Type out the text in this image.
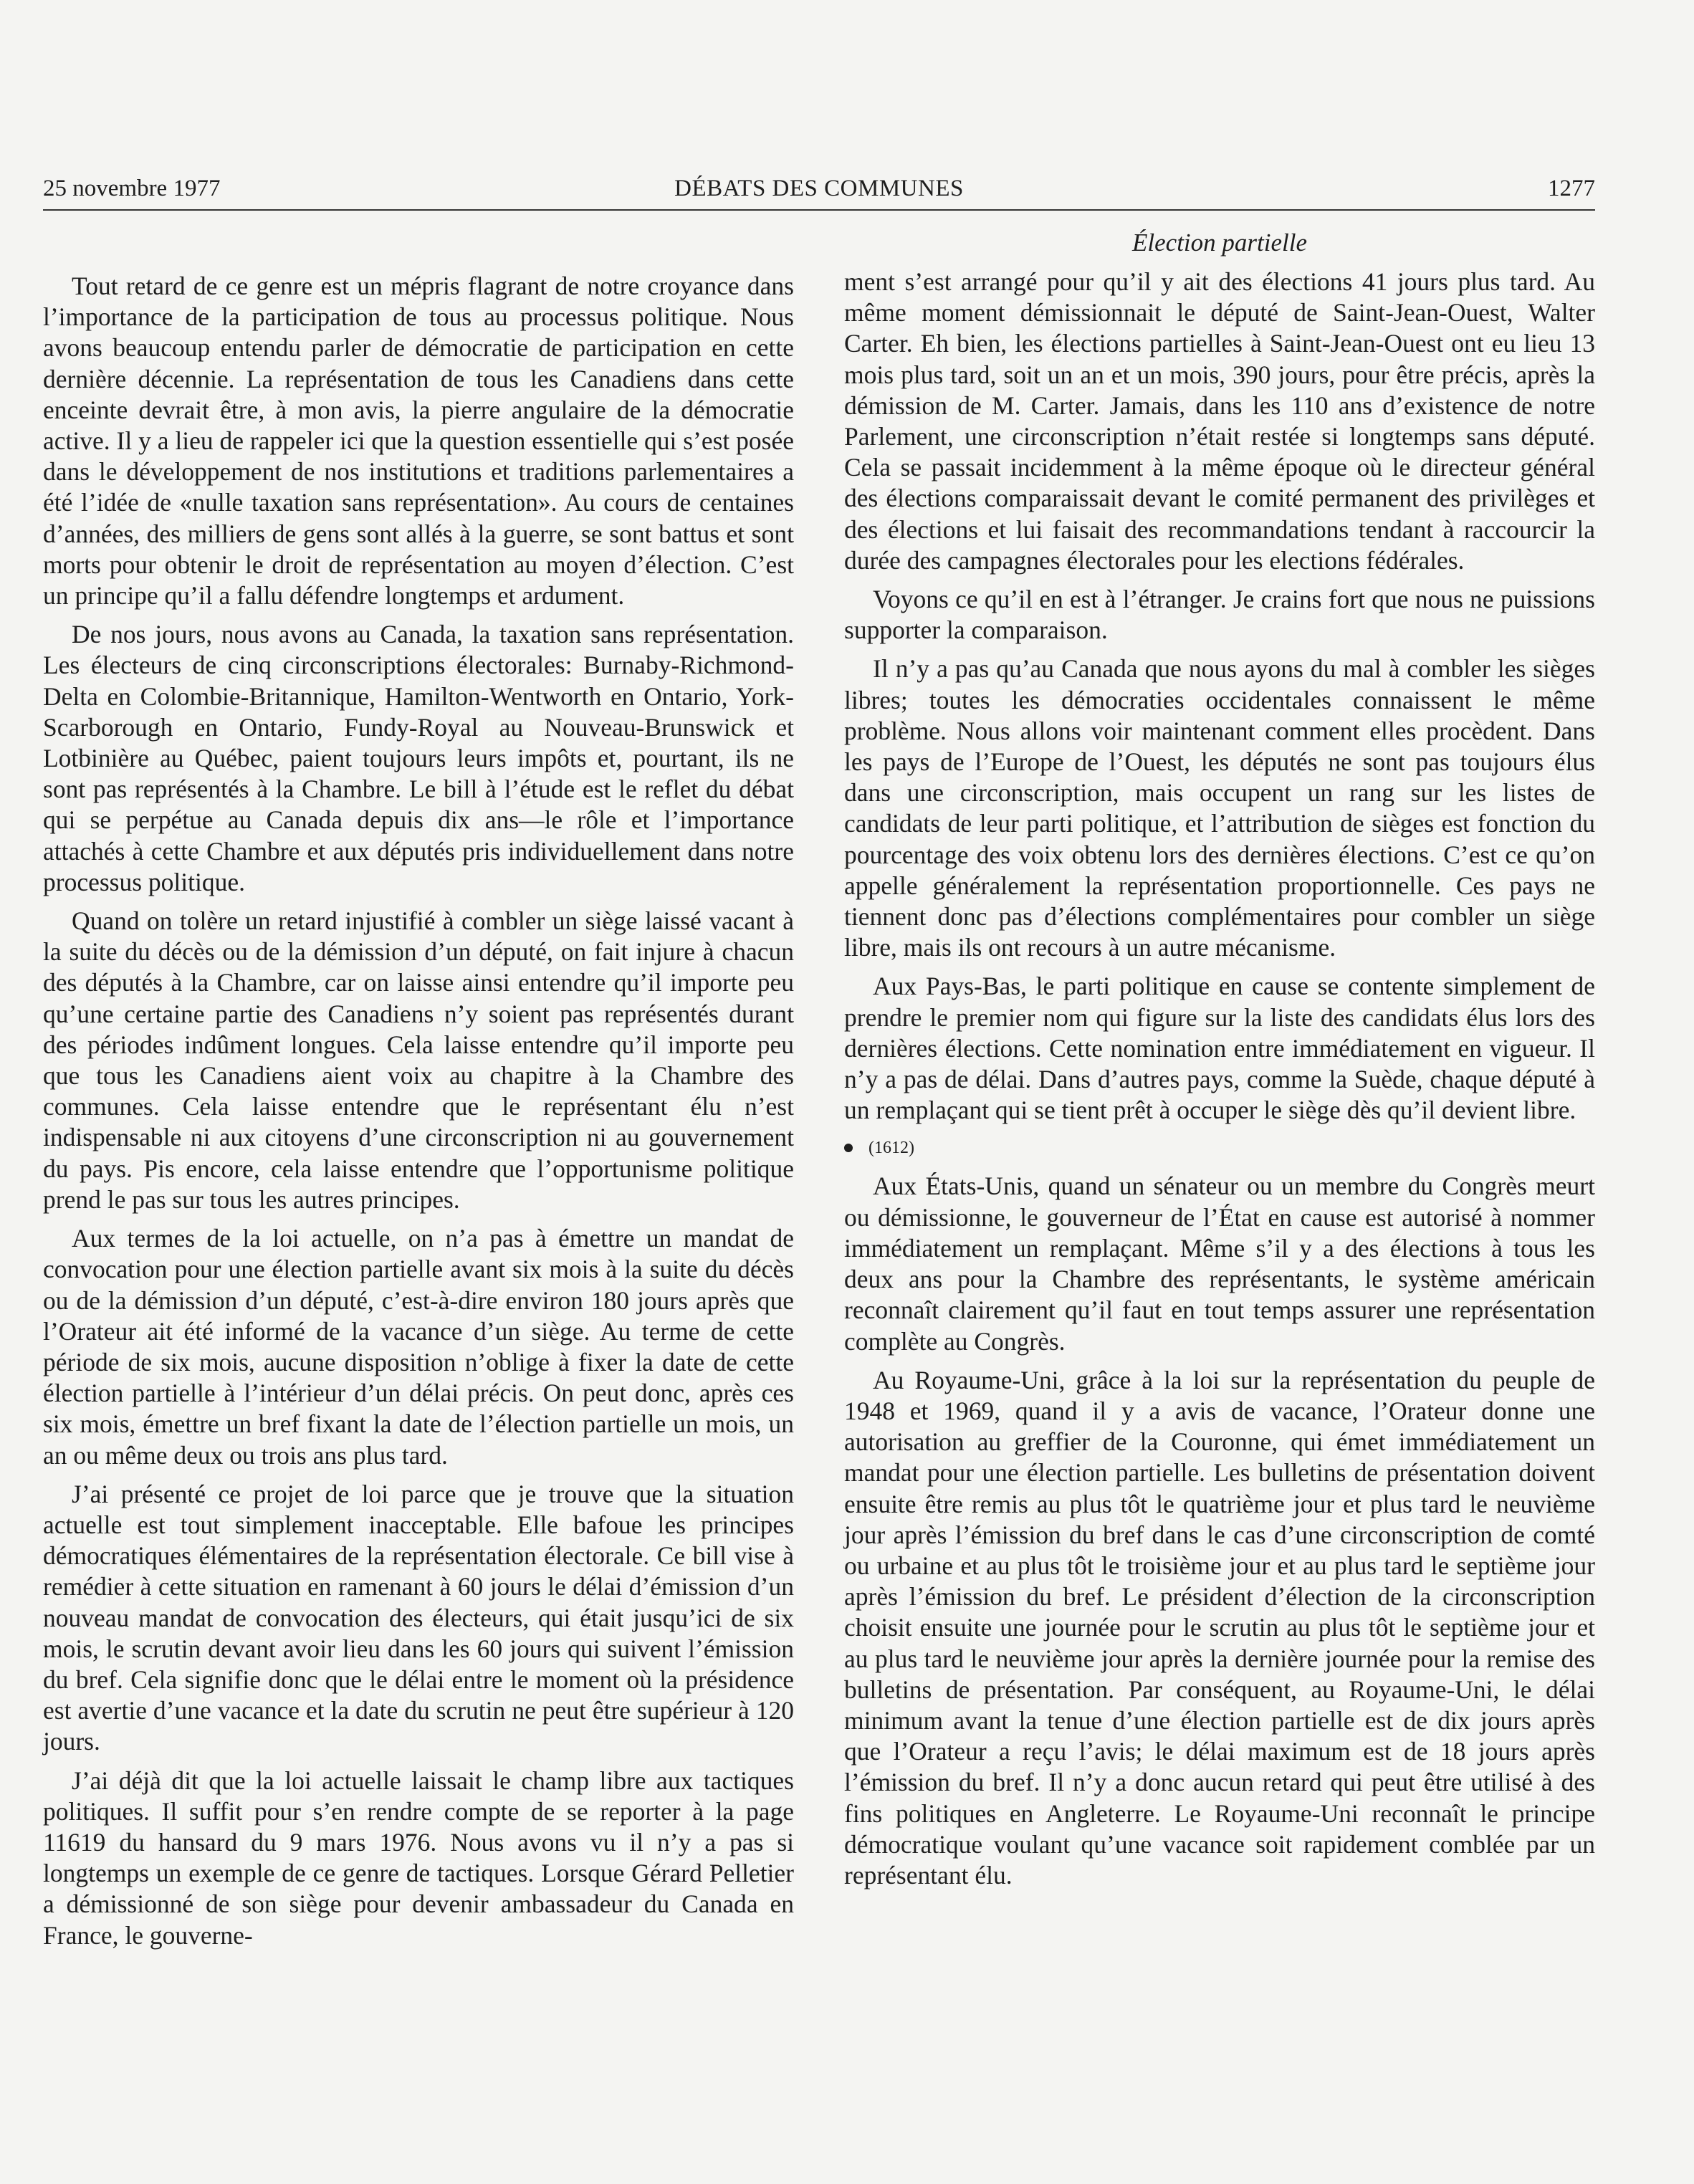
25 novembre 1977	DÉBATS DES COMMUNES	1277
Élection partielle

Tout retard de ce genre est un mépris flagrant de notre croyance dans l’importance de la participation de tous au processus politique. Nous avons beaucoup entendu parler de démocratie de participation en cette dernière décennie. La représentation de tous les Canadiens dans cette enceinte devrait être, à mon avis, la pierre angulaire de la démocratie active. Il y a lieu de rappeler ici que la question essentielle qui s’est posée dans le développement de nos institutions et traditions parlementaires a été l’idée de «nulle taxation sans représentation». Au cours de centaines d’années, des milliers de gens sont allés à la guerre, se sont battus et sont morts pour obtenir le droit de représentation au moyen d’élection. C’est un principe qu’il a fallu défendre longtemps et ardument.

De nos jours, nous avons au Canada, la taxation sans représentation. Les électeurs de cinq circonscriptions électorales: Burnaby-Richmond-Delta en Colombie-Britannique, Hamilton-Wentworth en Ontario, York-Scarborough en Ontario, Fundy-Royal au Nouveau-Brunswick et Lotbinière au Québec, paient toujours leurs impôts et, pourtant, ils ne sont pas représentés à la Chambre. Le bill à l’étude est le reflet du débat qui se perpétue au Canada depuis dix ans—le rôle et l’importance attachés à cette Chambre et aux députés pris individuellement dans notre processus politique.

Quand on tolère un retard injustifié à combler un siège laissé vacant à la suite du décès ou de la démission d’un député, on fait injure à chacun des députés à la Chambre, car on laisse ainsi entendre qu’il importe peu qu’une certaine partie des Canadiens n’y soient pas représentés durant des périodes indûment longues. Cela laisse entendre qu’il importe peu que tous les Canadiens aient voix au chapitre à la Chambre des communes. Cela laisse entendre que le représentant élu n’est indispensable ni aux citoyens d’une circonscription ni au gouvernement du pays. Pis encore, cela laisse entendre que l’opportunisme politique prend le pas sur tous les autres principes.

Aux termes de la loi actuelle, on n’a pas à émettre un mandat de convocation pour une élection partielle avant six mois à la suite du décès ou de la démission d’un député, c’est-à-dire environ 180 jours après que l’Orateur ait été informé de la vacance d’un siège. Au terme de cette période de six mois, aucune disposition n’oblige à fixer la date de cette élection partielle à l’intérieur d’un délai précis. On peut donc, après ces six mois, émettre un bref fixant la date de l’élection partielle un mois, un an ou même deux ou trois ans plus tard.

J’ai présenté ce projet de loi parce que je trouve que la situation actuelle est tout simplement inacceptable. Elle bafoue les principes démocratiques élémentaires de la représentation électorale. Ce bill vise à remédier à cette situation en ramenant à 60 jours le délai d’émission d’un nouveau mandat de convocation des électeurs, qui était jusqu’ici de six mois, le scrutin devant avoir lieu dans les 60 jours qui suivent l’émission du bref. Cela signifie donc que le délai entre le moment où la présidence est avertie d’une vacance et la date du scrutin ne peut être supérieur à 120 jours.

J’ai déjà dit que la loi actuelle laissait le champ libre aux tactiques politiques. Il suffit pour s’en rendre compte de se reporter à la page 11619 du hansard du 9 mars 1976. Nous avons vu il n’y a pas si longtemps un exemple de ce genre de tactiques. Lorsque Gérard Pelletier a démissionné de son siège pour devenir ambassadeur du Canada en France, le gouverne-

ment s’est arrangé pour qu’il y ait des élections 41 jours plus tard. Au même moment démissionnait le député de Saint-Jean-Ouest, Walter Carter. Eh bien, les élections partielles à Saint-Jean-Ouest ont eu lieu 13 mois plus tard, soit un an et un mois, 390 jours, pour être précis, après la démission de M. Carter. Jamais, dans les 110 ans d’existence de notre Parlement, une circonscription n’était restée si longtemps sans député. Cela se passait incidemment à la même époque où le directeur général des élections comparaissait devant le comité permanent des privilèges et des élections et lui faisait des recommandations tendant à raccourcir la durée des campagnes électorales pour les elections fédérales.

Voyons ce qu’il en est à l’étranger. Je crains fort que nous ne puissions supporter la comparaison.

Il n’y a pas qu’au Canada que nous ayons du mal à combler les sièges libres; toutes les démocraties occidentales connaissent le même problème. Nous allons voir maintenant comment elles procèdent. Dans les pays de l’Europe de l’Ouest, les députés ne sont pas toujours élus dans une circonscription, mais occupent un rang sur les listes de candidats de leur parti politique, et l’attribution de sièges est fonction du pourcentage des voix obtenu lors des dernières élections. C’est ce qu’on appelle généralement la représentation proportionnelle. Ces pays ne tiennent donc pas d’élections complémentaires pour combler un siège libre, mais ils ont recours à un autre mécanisme.

Aux Pays-Bas, le parti politique en cause se contente simplement de prendre le premier nom qui figure sur la liste des candidats élus lors des dernières élections. Cette nomination entre immédiatement en vigueur. Il n’y a pas de délai. Dans d’autres pays, comme la Suède, chaque député à un remplaçant qui se tient prêt à occuper le siège dès qu’il devient libre.

(1612)

Aux États-Unis, quand un sénateur ou un membre du Congrès meurt ou démissionne, le gouverneur de l’État en cause est autorisé à nommer immédiatement un remplaçant. Même s’il y a des élections à tous les deux ans pour la Chambre des représentants, le système américain reconnaît clairement qu’il faut en tout temps assurer une représentation complète au Congrès.

Au Royaume-Uni, grâce à la loi sur la représentation du peuple de 1948 et 1969, quand il y a avis de vacance, l’Orateur donne une autorisation au greffier de la Couronne, qui émet immédiatement un mandat pour une élection partielle. Les bulletins de présentation doivent ensuite être remis au plus tôt le quatrième jour et plus tard le neuvième jour après l’émission du bref dans le cas d’une circonscription de comté ou urbaine et au plus tôt le troisième jour et au plus tard le septième jour après l’émission du bref. Le président d’élection de la circonscription choisit ensuite une journée pour le scrutin au plus tôt le septième jour et au plus tard le neuvième jour après la dernière journée pour la remise des bulletins de présentation. Par conséquent, au Royaume-Uni, le délai minimum avant la tenue d’une élection partielle est de dix jours après que l’Orateur a reçu l’avis; le délai maximum est de 18 jours après l’émission du bref. Il n’y a donc aucun retard qui peut être utilisé à des fins politiques en Angleterre. Le Royaume-Uni reconnaît le principe démocratique voulant qu’une vacance soit rapidement comblée par un représentant élu.
